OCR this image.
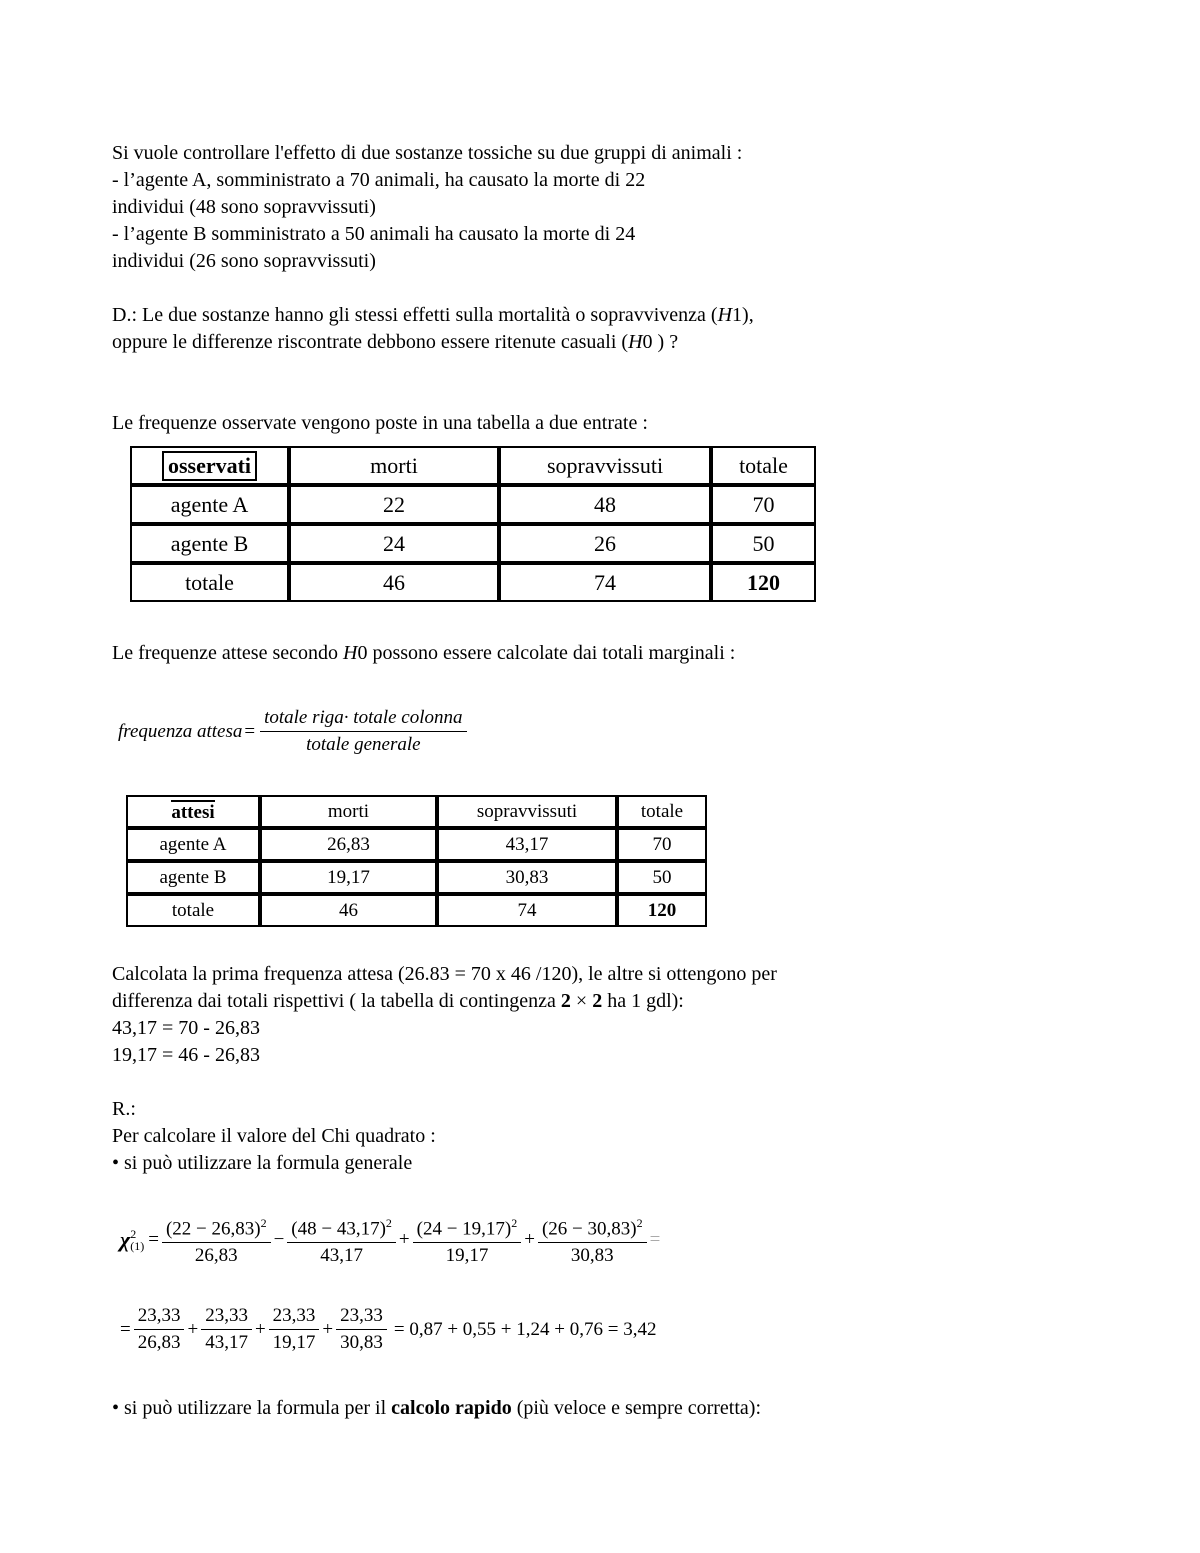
Si vuole controllare l'effetto di due sostanze tossiche su due gruppi di animali :

- l’agente A, somministrato a 70 animali, ha causato la morte di 22

individui (48 sono sopravvissuti)

- l’agente B somministrato a 50 animali ha causato la morte di 24

individui (26 sono sopravvissuti)

D.: Le due sostanze hanno gli stessi effetti sulla mortalità o sopravvivenza (H1),

oppure le differenze riscontrate debbono essere ritenute casuali (H0 ) ?

Le frequenze osservate vengono poste in una tabella a due entrate :

osservati	morti	sopravvissuti	totale
agente A	22	48	70
agente B	24	26	50
totale	46	74	120

Le frequenze attese secondo H0 possono essere calcolate dai totali marginali :

frequenza attesa = $\frac{\text{totale riga· totale colonna}}{\text{totale generale}}$
attesi	morti	sopravvissuti	totale
agente A	26,83	43,17	70
agente B	19,17	30,83	50
totale	46	74	120

Calcolata la prima frequenza attesa (26.83 = 70 x 46 /120), le altre si ottengono per

differenza dai totali rispettivi ( la tabella di contingenza 2 × 2 ha 1 gdl):

43,17 = 70 - 26,83

19,17 = 46 - 26,83

R.:

Per calcolare il valore del Chi quadrato :

• si può utilizzare la formula generale

χ 2
$(1) = \frac{(22 - 26,83)^2}{26,83} - \frac{(48 - 43,17)^2}{43,17} + \frac{(24 - 19,17)^2}{19,17} + \frac{(26 - 30,83)^2}{30,83}$ =
= $\frac{23,33}{26,83} + \frac{23,33}{43,17} + \frac{23,33}{19,17} + \frac{23,33}{30,83} = 0,87 + 0,55 + 1,24 + 0,76 = 3,42$

• si può utilizzare la formula per il calcolo rapido (più veloce e sempre corretta):
